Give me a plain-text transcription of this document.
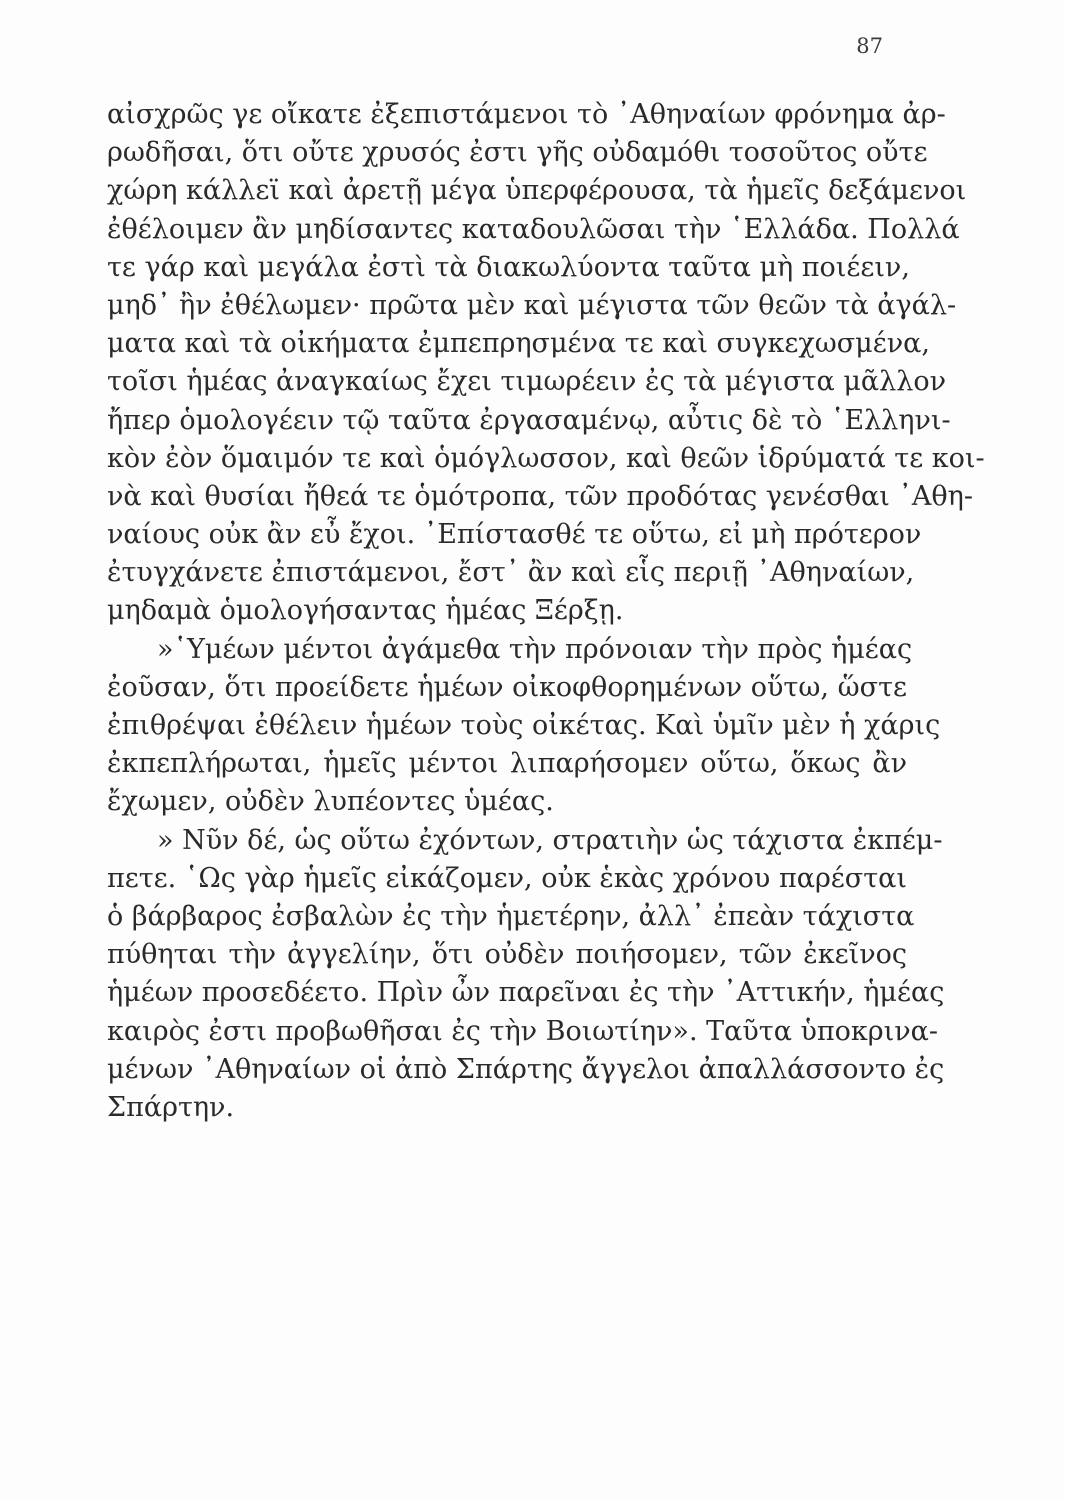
87
αἰσχρῶς γε οἴκατε ἐξεπιστάμενοι τὸ ᾿Αθηναίων φρόνημα ἀρ-
ρωδῆσαι, ὅτι οὔτε χρυσός ἐστι γῆς οὐδαμόθι τοσοῦτος οὔτε
χώρη κάλλεϊ καὶ ἀρετῇ μέγα ὑπερφέρουσα, τὰ ἡμεῖς δεξάμενοι
ἐθέλοιμεν ἂν μηδίσαντες καταδουλῶσαι τὴν ῾Ελλάδα. Πολλά
τε γάρ καὶ μεγάλα ἐστὶ τὰ διακωλύοντα ταῦτα μὴ ποιέειν,
μηδ᾿ ἢν ἐθέλωμεν· πρῶτα μὲν καὶ μέγιστα τῶν θεῶν τὰ ἀγάλ-
ματα καὶ τὰ οἰκήματα ἐμπεπρησμένα τε καὶ συγκεχωσμένα,
τοῖσι ἡμέας ἀναγκαίως ἔχει τιμωρέειν ἐς τὰ μέγιστα μᾶλλον
ἤπερ ὁμολογέειν τῷ ταῦτα ἐργασαμένῳ, αὖτις δὲ τὸ ῾Ελληνι-
κὸν ἐὸν ὅμαιμόν τε καὶ ὁμόγλωσσον, καὶ θεῶν ἱδρύματά τε κοι-
νὰ καὶ θυσίαι ἤθεά τε ὁμότροπα, τῶν προδότας γενέσθαι ᾿Αθη-
ναίους οὐκ ἂν εὖ ἔχοι. ᾿Επίστασθέ τε οὕτω, εἰ μὴ πρότερον
ἐτυγχάνετε ἐπιστάμενοι, ἔστ᾿ ἂν καὶ εἷς περιῇ ᾿Αθηναίων,
μηδαμὰ ὁμολογήσαντας ἡμέας Ξέρξῃ.
»῾Υμέων μέντοι ἀγάμεθα τὴν πρόνοιαν τὴν πρὸς ἡμέας
ἐοῦσαν, ὅτι προείδετε ἡμέων οἰκοφθορημένων οὕτω, ὥστε
ἐπιθρέψαι ἐθέλειν ἡμέων τοὺς οἰκέτας. Καὶ ὑμῖν μὲν ἡ χάρις
ἐκπεπλήρωται, ἡμεῖς μέντοι λιπαρήσομεν οὕτω, ὅκως ἂν
ἔχωμεν, οὐδὲν λυπέοντες ὑμέας.
» Νῦν δέ, ὡς οὕτω ἐχόντων, στρατιὴν ὡς τάχιστα ἐκπέμ-
πετε. ῾Ως γὰρ ἡμεῖς εἰκάζομεν, οὐκ ἑκὰς χρόνου παρέσται
ὁ βάρβαρος ἐσβαλὼν ἐς τὴν ἡμετέρην, ἀλλ᾿ ἐπεὰν τάχιστα
πύθηται τὴν ἀγγελίην, ὅτι οὐδὲν ποιήσομεν, τῶν ἐκεῖνος
ἡμέων προσεδέετο. Πρὶν ὦν παρεῖναι ἐς τὴν ᾿Αττικήν, ἡμέας
καιρὸς ἐστι προβωθῆσαι ἐς τὴν Βοιωτίην». Ταῦτα ὑποκρινα-
μένων ᾿Αθηναίων οἱ ἀπὸ Σπάρτης ἄγγελοι ἀπαλλάσσοντο ἐς
Σπάρτην.
